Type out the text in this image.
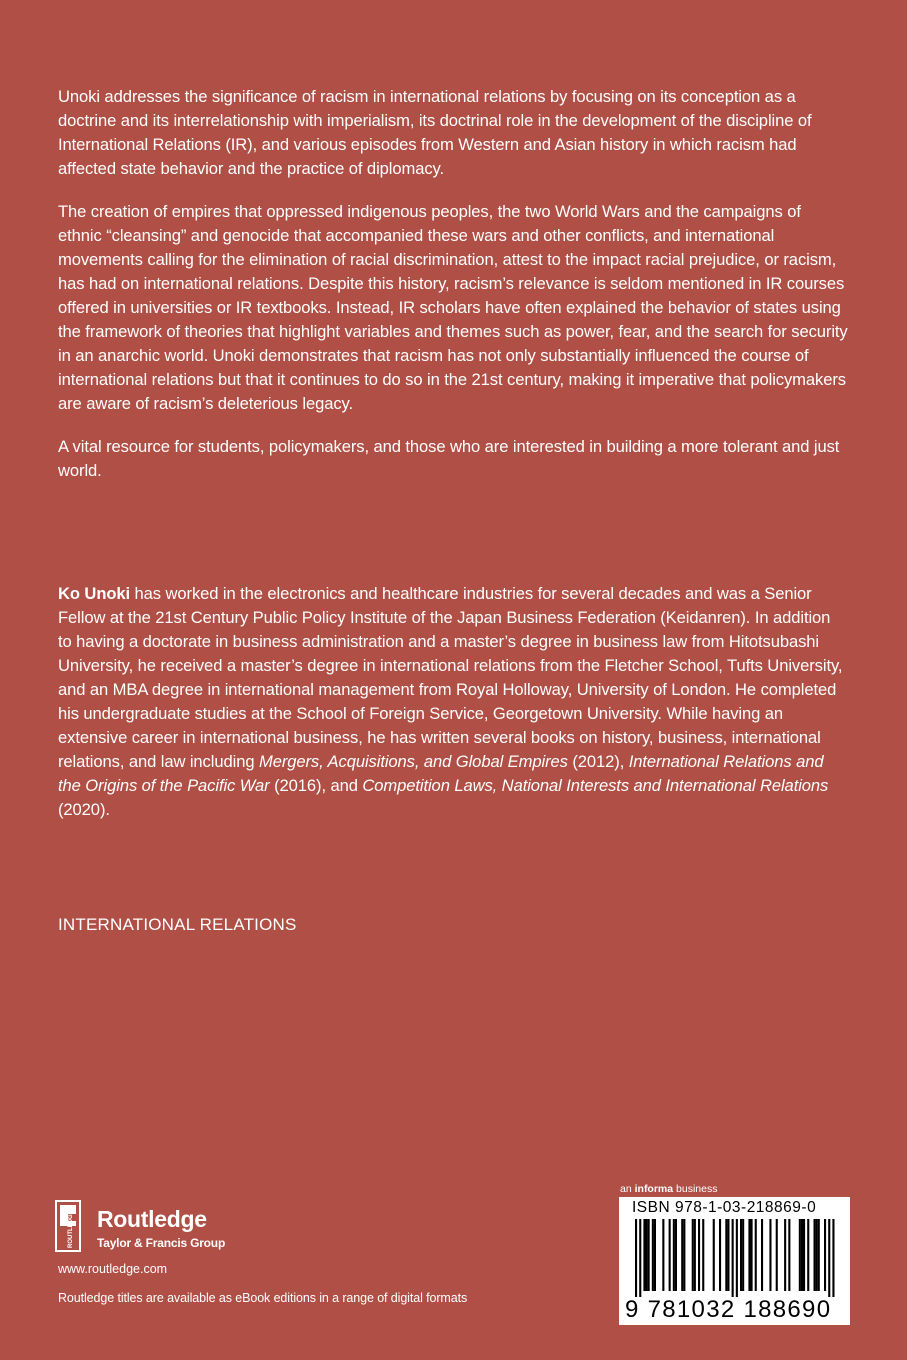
Unoki addresses the significance of racism in international relations by focusing on its conception as a doctrine and its interrelationship with imperialism, its doctrinal role in the development of the discipline of International Relations (IR), and various episodes from Western and Asian history in which racism had affected state behavior and the practice of diplomacy.

The creation of empires that oppressed indigenous peoples, the two World Wars and the campaigns of ethnic “cleansing” and genocide that accompanied these wars and other conflicts, and international movements calling for the elimination of racial discrimination, attest to the impact racial prejudice, or racism, has had on international relations. Despite this history, racism’s relevance is seldom mentioned in IR courses offered in universities or IR textbooks. Instead, IR scholars have often explained the behavior of states using the framework of theories that highlight variables and themes such as power, fear, and the search for security in an anarchic world. Unoki demonstrates that racism has not only substantially influenced the course of international relations but that it continues to do so in the 21st century, making it imperative that policymakers are aware of racism’s deleterious legacy.

A vital resource for students, policymakers, and those who are interested in building a more tolerant and just world.

Ko Unoki has worked in the electronics and healthcare industries for several decades and was a Senior Fellow at the 21st Century Public Policy Institute of the Japan Business Federation (Keidanren). In addition to having a doctorate in business administration and a master’s degree in business law from Hitotsubashi University, he received a master’s degree in international relations from the Fletcher School, Tufts University, and an MBA degree in international management from Royal Holloway, University of London. He completed his undergraduate studies at the School of Foreign Service, Georgetown University. While having an extensive career in international business, he has written several books on history, business, international relations, and law including Mergers, Acquisitions, and Global Empires (2012), International Relations and the Origins of the Pacific War (2016), and Competition Laws, National Interests and International Relations (2020).

INTERNATIONAL RELATIONS
ROUTLEDGE Routledge
Taylor & Francis Group
www.routledge.com
Routledge titles are available as eBook editions in a range of digital formats
an informa business
ISBN 978-1-03-218869-0
9 781032 188690
